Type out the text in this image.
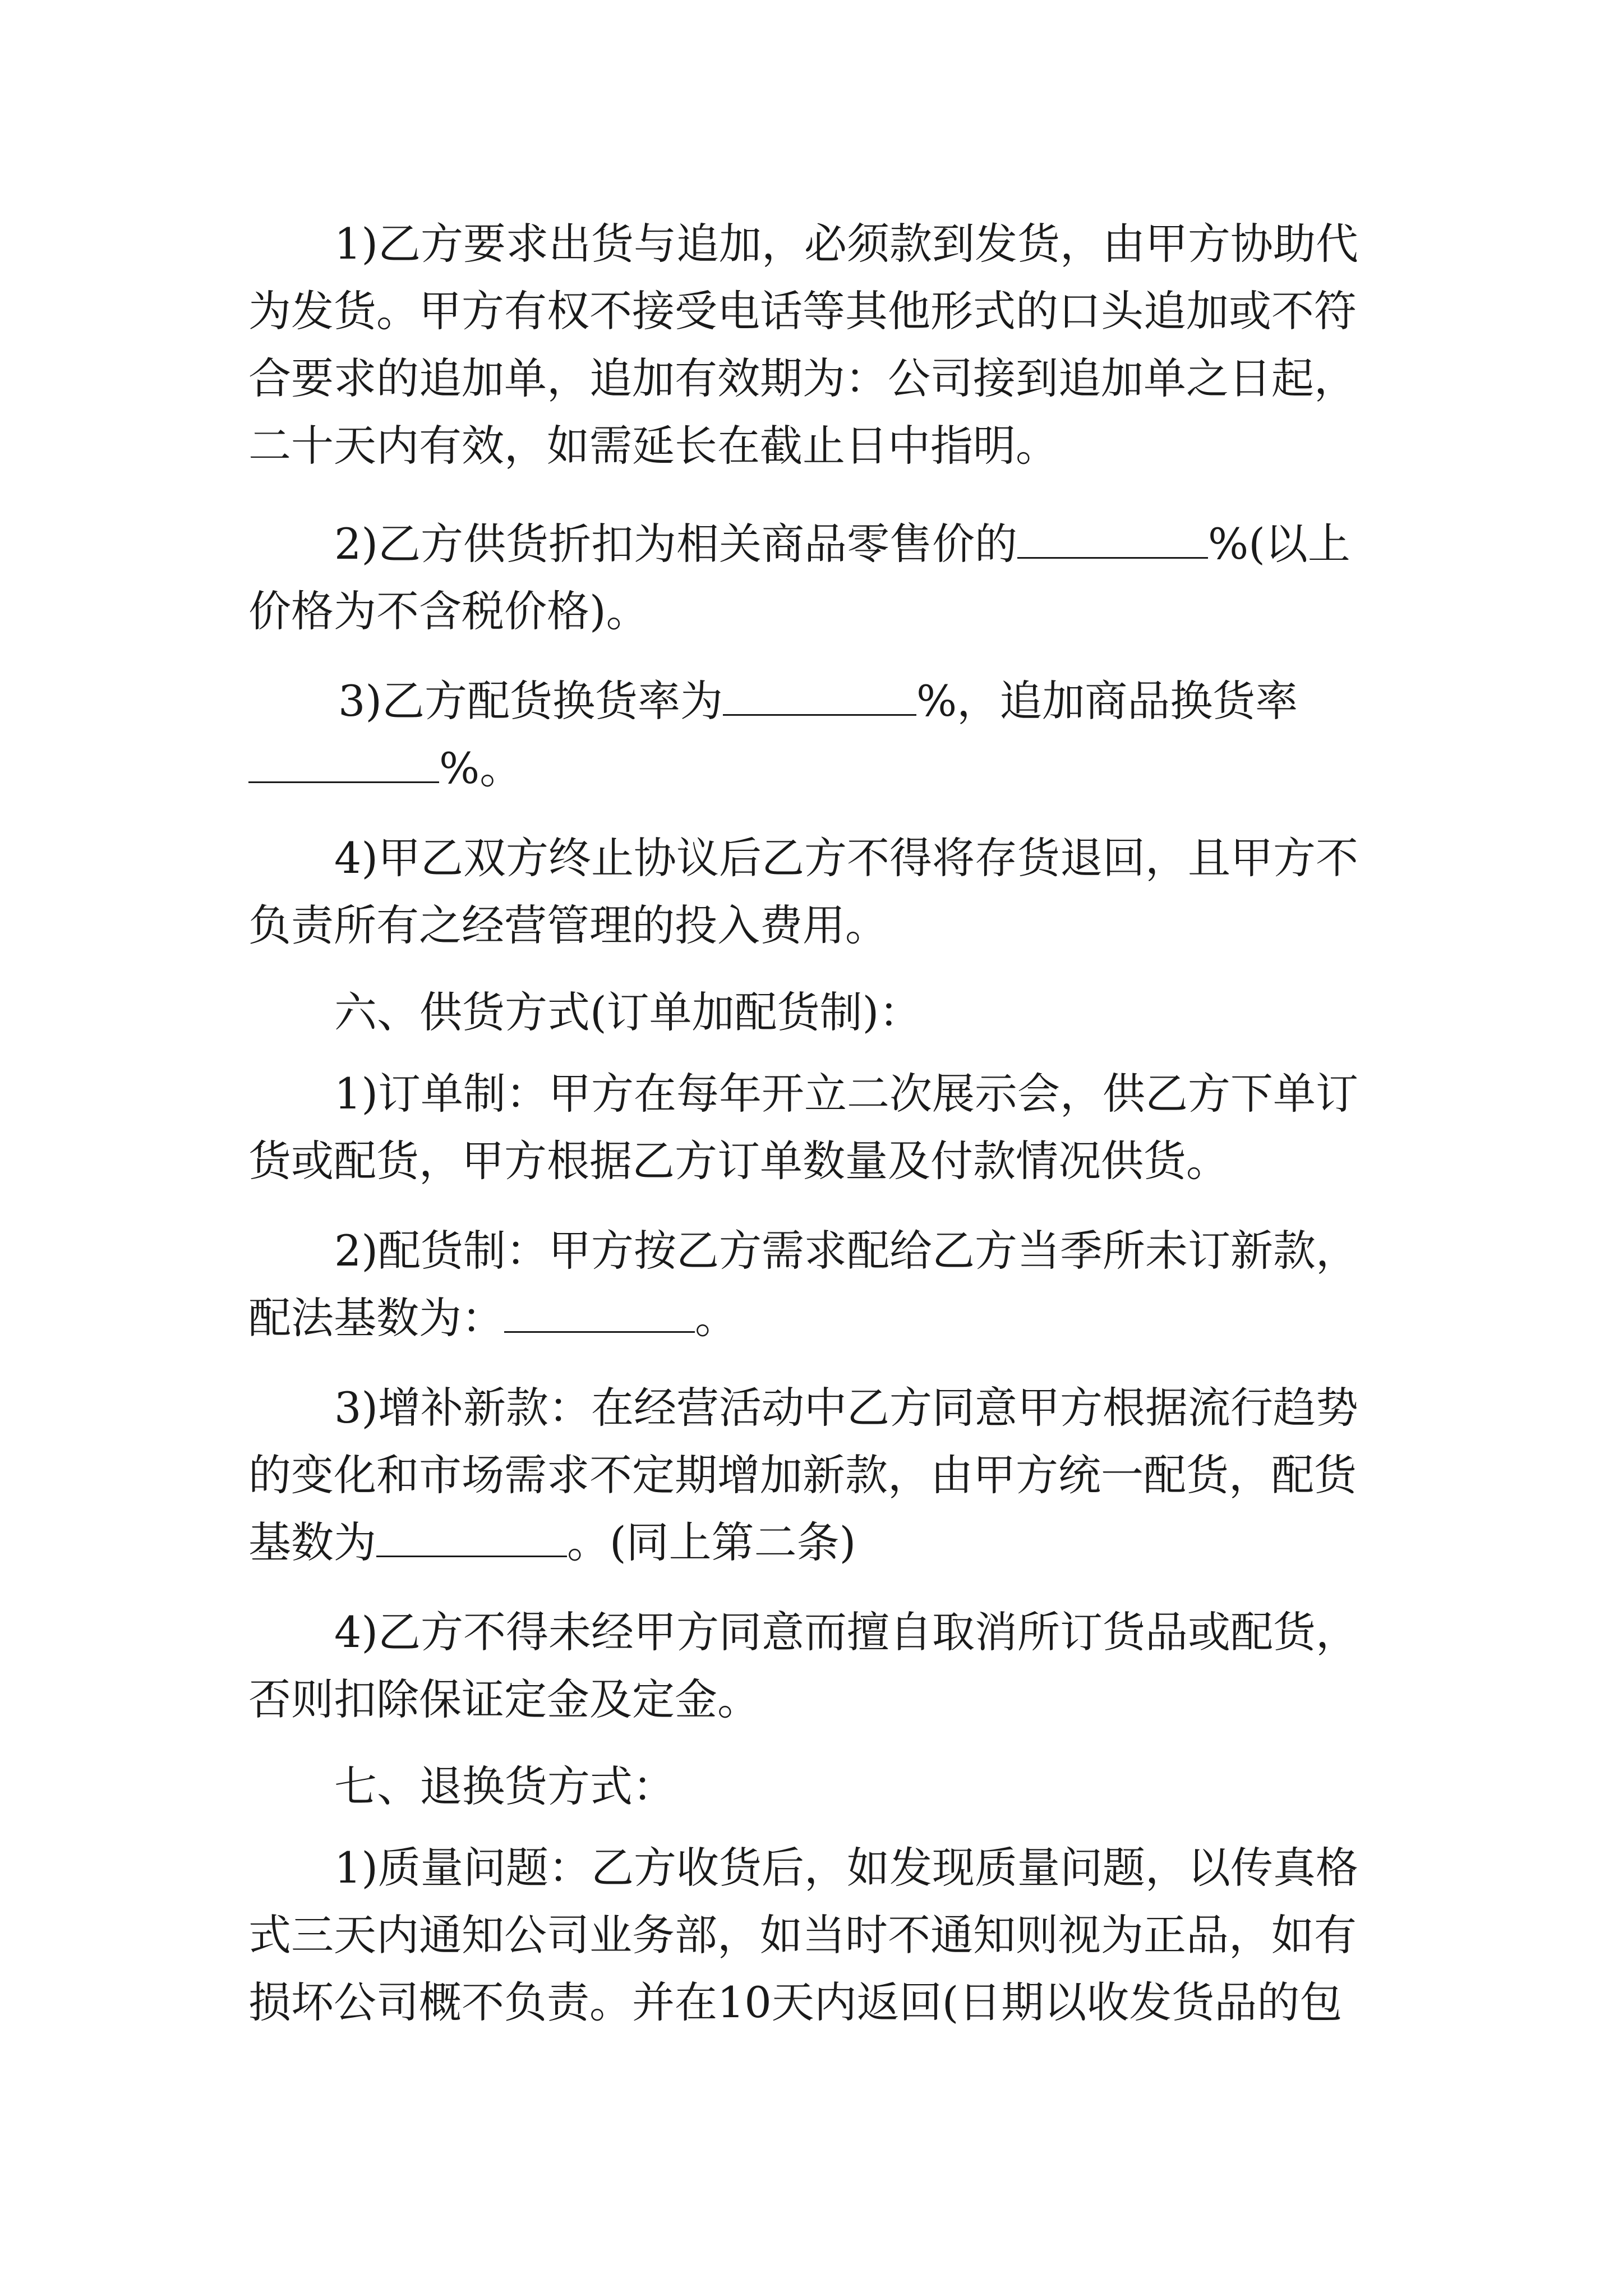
1)乙方要求出货与追加，必须款到发货，由甲方协助代
为发货。甲方有权不接受电话等其他形式的口头追加或不符
合要求的追加单，追加有效期为：公司接到追加单之日起，
二十天内有效，如需延长在截止日中指明。
2)乙方供货折扣为相关商品零售价的	%(以上
价格为不含税价格)。
3)乙方配货换货率为	%，追加商品换货率
%。
4)甲乙双方终止协议后乙方不得将存货退回，且甲方不
负责所有之经营管理的投入费用。
六、供货方式(订单加配货制)：
1)订单制：甲方在每年开立二次展示会，供乙方下单订
货或配货，甲方根据乙方订单数量及付款情况供货。
2)配货制：甲方按乙方需求配给乙方当季所未订新款，
配法基数为：	。
3)增补新款：在经营活动中乙方同意甲方根据流行趋势
的变化和市场需求不定期增加新款，由甲方统一配货，配货
基数为	。(同上第二条)
4)乙方不得未经甲方同意而擅自取消所订货品或配货，
否则扣除保证定金及定金。
七、退换货方式：
1)质量问题：乙方收货后，如发现质量问题，以传真格
式三天内通知公司业务部，如当时不通知则视为正品，如有
损坏公司概不负责。并在10天内返回(日期以收发货品的包
